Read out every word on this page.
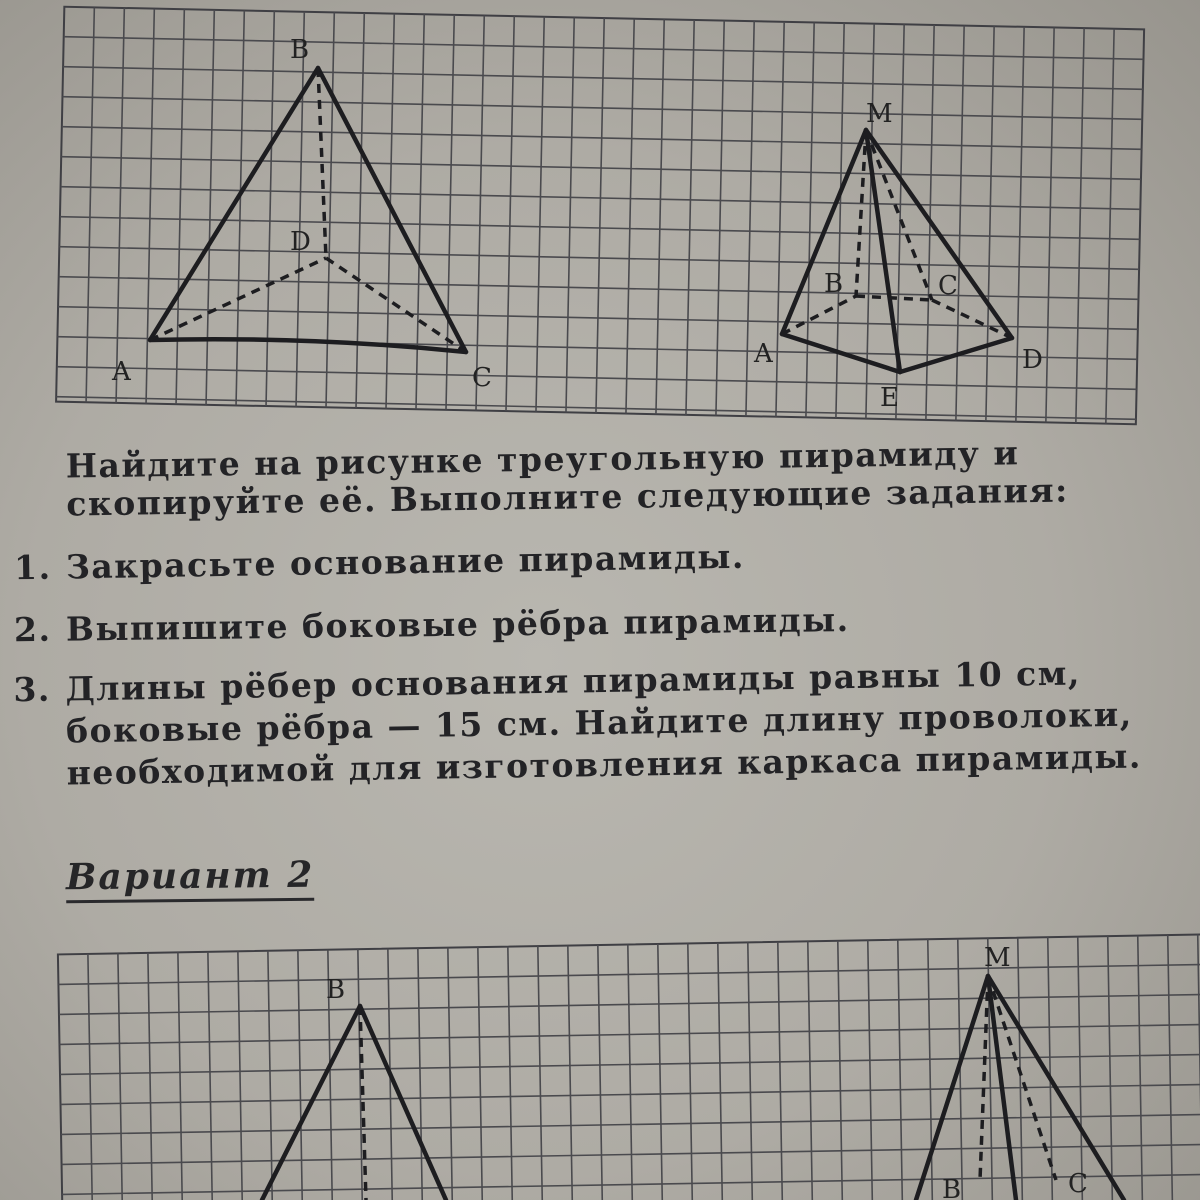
B
D
A	C
M
B	C
A	D
E
Найдите на рисунке треугольную пирамиду и скопируйте её. Выполните следующие задания:
1. Закрасьте основание пирамиды.
2. Выпишите боковые рёбра пирамиды.
3. Длины рёбер основания пирамиды равны 10 см, боковые рёбра — 15 см. Найдите длину проволоки, необходимой для изготовления каркаса пирамиды.
Вариант 2
B
M
B	C
